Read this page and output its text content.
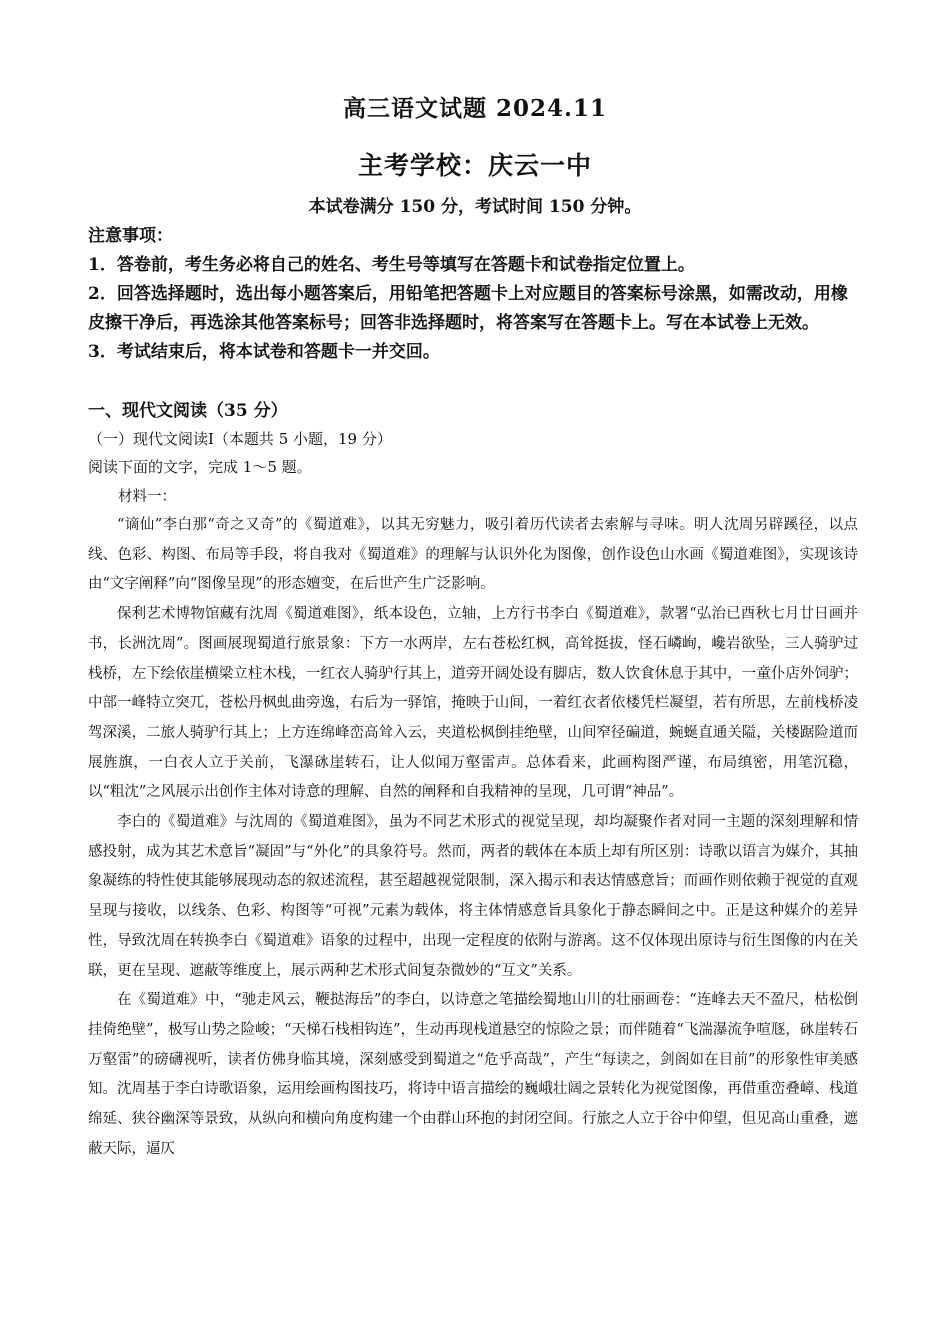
高三语文试题 2024.11
主考学校：庆云一中
本试卷满分 150 分，考试时间 150 分钟。

注意事项：

1．答卷前，考生务必将自己的姓名、考生号等填写在答题卡和试卷指定位置上。

2．回答选择题时，选出每小题答案后，用铅笔把答题卡上对应题目的答案标号涂黑，如需改动，用橡皮擦干净后，再选涂其他答案标号；回答非选择题时，将答案写在答题卡上。写在本试卷上无效。

3．考试结束后，将本试卷和答题卡一并交回。

一、现代文阅读（35 分）
（一）现代文阅读Ⅰ（本题共 5 小题，19 分）
阅读下面的文字，完成 1～5 题。
材料一：

“谪仙”李白那“奇之又奇”的《蜀道难》，以其无穷魅力，吸引着历代读者去索解与寻味。明人沈周另辟蹊径，以点线、色彩、构图、布局等手段，将自我对《蜀道难》的理解与认识外化为图像，创作设色山水画《蜀道难图》，实现该诗由“文字阐释”向“图像呈现”的形态嬗变，在后世产生广泛影响。

保利艺术博物馆藏有沈周《蜀道难图》，纸本设色，立轴，上方行书李白《蜀道难》，款署“弘治已酉秋七月廿日画并书，长洲沈周”。图画展现蜀道行旅景象：下方一水两岸，左右苍松红枫，高耸挺拔，怪石嶙峋，巉岩欲坠，三人骑驴过栈桥，左下绘依崖横梁立柱木栈，一红衣人骑驴行其上，道旁开阔处设有脚店，数人饮食休息于其中，一童仆店外饲驴；中部一峰特立突兀，苍松丹枫虬曲旁逸，右后为一驿馆，掩映于山间，一着红衣者依楼凭栏凝望，若有所思，左前栈桥凌驾深溪，二旅人骑驴行其上；上方连绵峰峦高耸入云，夹道松枫倒挂绝壁，山间窄径碥道，蜿蜒直通关隘，关楼踞险道而展旌旗，一白衣人立于关前，飞瀑砯崖转石，让人似闻万壑雷声。总体看来，此画构图严谨，布局缜密，用笔沉稳，以“粗沈”之风展示出创作主体对诗意的理解、自然的阐释和自我精神的呈现，几可谓“神品”。

李白的《蜀道难》与沈周的《蜀道难图》，虽为不同艺术形式的视觉呈现，却均凝聚作者对同一主题的深刻理解和情感投射，成为其艺术意旨“凝固”与“外化”的具象符号。然而，两者的载体在本质上却有所区别：诗歌以语言为媒介，其抽象凝练的特性使其能够展现动态的叙述流程，甚至超越视觉限制，深入揭示和表达情感意旨；而画作则依赖于视觉的直观呈现与接收，以线条、色彩、构图等“可视”元素为载体，将主体情感意旨具象化于静态瞬间之中。正是这种媒介的差异性，导致沈周在转换李白《蜀道难》语象的过程中，出现一定程度的依附与游离。这不仅体现出原诗与衍生图像的内在关联，更在呈现、遮蔽等维度上，展示两种艺术形式间复杂微妙的“互文”关系。

在《蜀道难》中，“驰走风云，鞭挞海岳”的李白，以诗意之笔描绘蜀地山川的壮丽画卷：“连峰去天不盈尺，枯松倒挂倚绝壁”，极写山势之险峻；“天梯石栈相钩连”，生动再现栈道悬空的惊险之景；而伴随着“飞湍瀑流争喧豗，砯崖转石万壑雷”的磅礴视听，读者仿佛身临其境，深刻感受到蜀道之“危乎高哉”，产生“每读之，剑阁如在目前”的形象性审美感知。沈周基于李白诗歌语象，运用绘画构图技巧，将诗中语言描绘的巍峨壮阔之景转化为视觉图像，再借重峦叠嶂、栈道绵延、狭谷幽深等景致，从纵向和横向角度构建一个由群山环抱的封闭空间。行旅之人立于谷中仰望，但见高山重叠，遮蔽天际，逼仄
